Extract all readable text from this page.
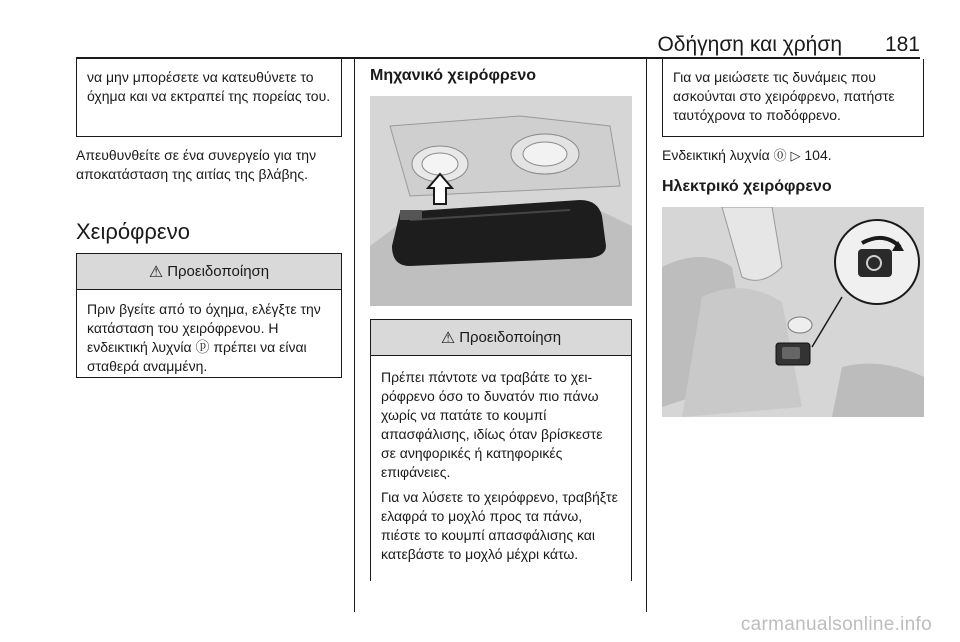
Οδήγηση και χρήση 181

να μην μπορέσετε να κατευθύνετε το όχημα και να εκτραπεί της πορείας του.

Απευθυνθείτε σε ένα συνεργείο για την αποκατάσταση της αιτίας της βλάβης.

Χειρόφρενο
⚠ Προειδοποίηση

Πριν βγείτε από το όχημα, ελέγξτε την κατάσταση του χειρόφρενου. Η ενδεικτική λυχνία ⓟ πρέπει να είναι σταθερά αναμμένη.

Μηχανικό χειρόφρενο
⚠ Προειδοποίηση

Πρέπει πάντοτε να τραβάτε το χειρόφρενο όσο το δυνατόν πιο πάνω χωρίς να πατάτε το κουμπί απασφάλισης, ιδίως όταν βρίσκεστε σε ανηφορικές ή κατηφορικές επιφάνειες.

Για να λύσετε το χειρόφρενο, τραβήξτε ελαφρά το μοχλό προς τα πάνω, πιέστε το κουμπί απασφάλισης και κατεβάστε το μοχλό μέχρι κάτω.

Για να μειώσετε τις δυνάμεις που ασκούνται στο χειρόφρενο, πατήστε ταυτόχρονα το ποδόφρενο.

Ενδεικτική λυχνία ⓪ ▷ 104.
Ηλεκτρικό χειρόφρενο
carmanualsonline.info
